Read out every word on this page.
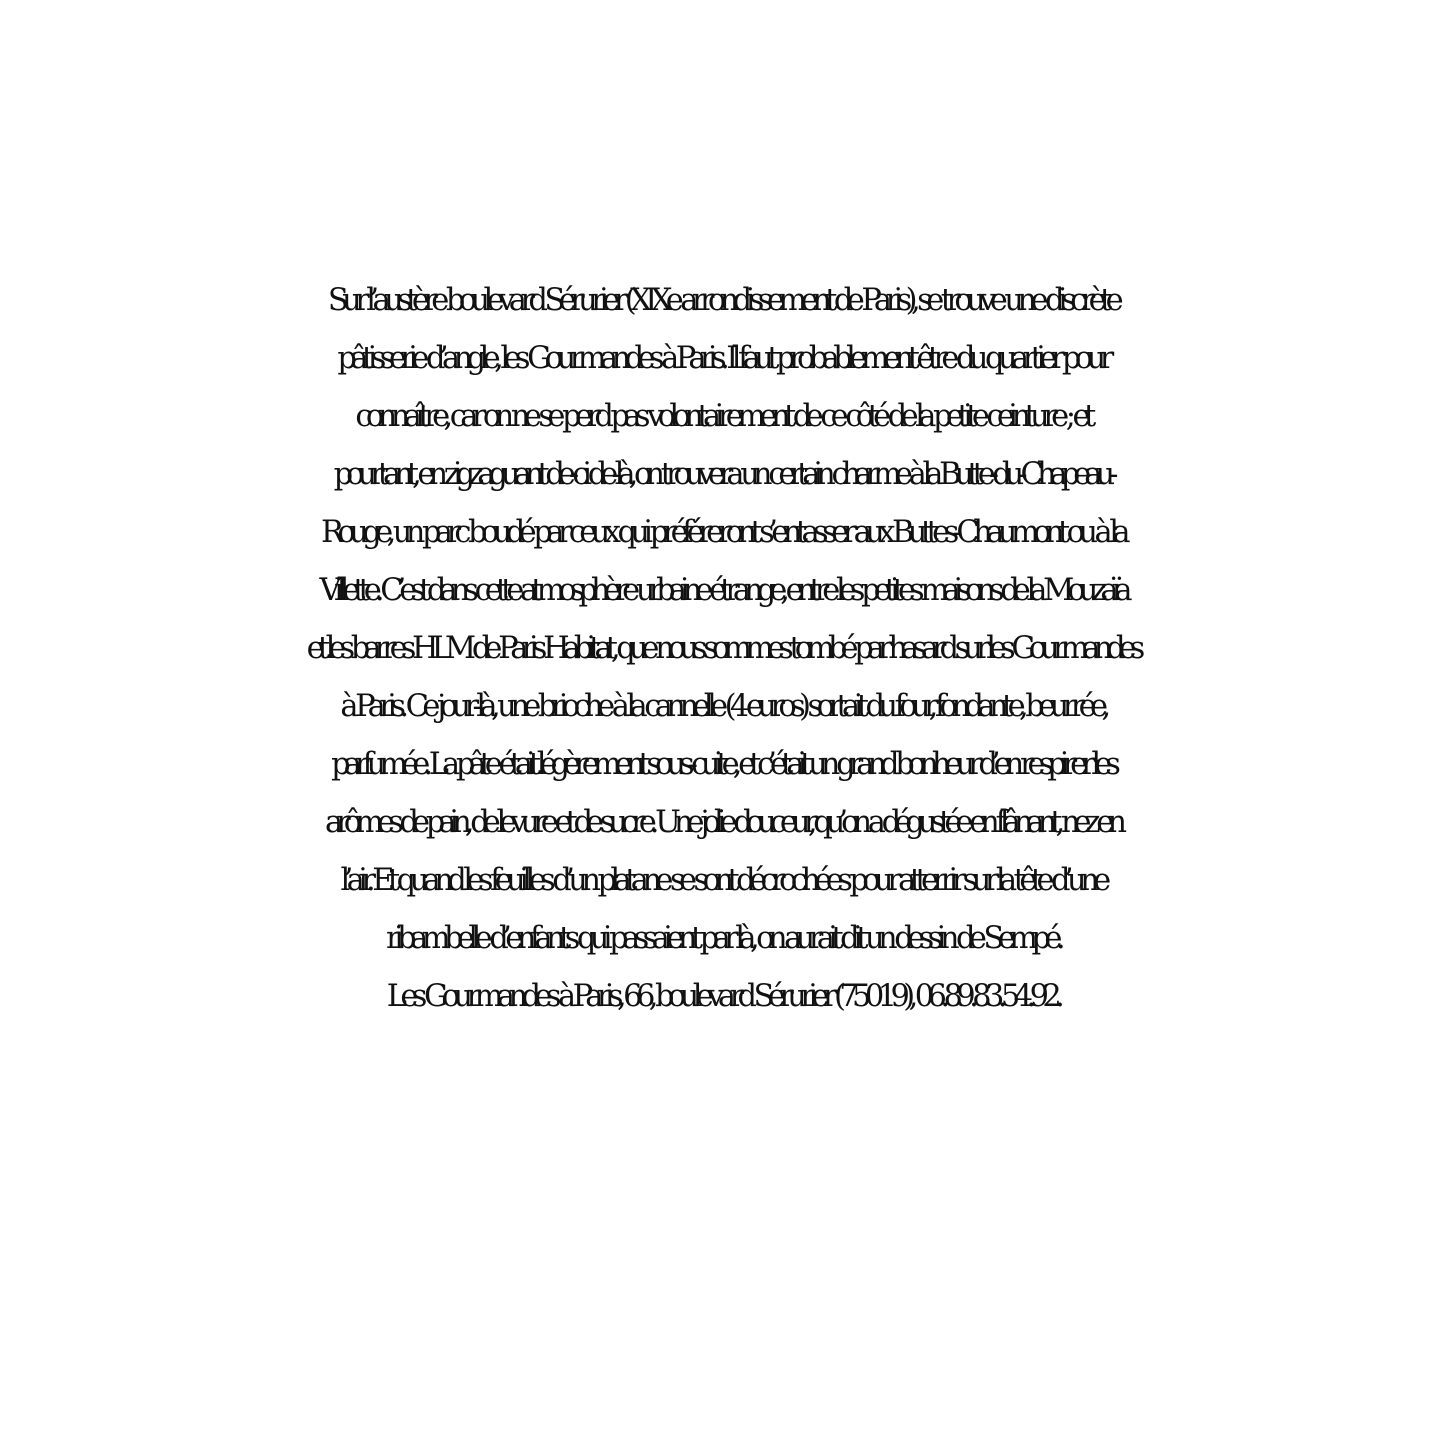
Sur l’austère boulevard Sérurier (XIXe arrondissement de Paris), se trouve une discrète
pâtisserie d’angle, les Gourmandes à Paris. Il faut probablement être du quartier pour
connaître, car on ne se perd pas volontairement de ce côté de la petite ceinture ; et
pourtant, en zigzaguant de-ci de-là, on trouvera un certain charme à la Butte-du-Chapeau-
Rouge, un parc boudé par ceux qui préféreront s’entasser aux Buttes-Chaumont ou à la
Villette. C’est dans cette atmosphère urbaine étrange, entre les petites maisons de la Mouzaïa
et les barres HLM de Paris Habitat, que nous sommes tombé par hasard sur les Gourmandes
à Paris. Ce jour-là, une brioche à la cannelle (4 euros) sortait du four, fondante, beurrée,
parfumée. La pâte était légèrement sous-cuite, et c’était un grand bonheur d’en respirer les
arômes de pain, de levure et de sucre. Une jolie douceur, qu’on a dégustée en flânant, nez en
l’air. Et quand les feuilles d’un platane se sont décrochées pour atterrir sur la tête d’une
ribambelle d’enfants qui passaient par là, on aurait dit un dessin de Sempé.
Les Gourmandes à Paris, 66, boulevard Sérurier (75019), 06.89.83.54.92.
